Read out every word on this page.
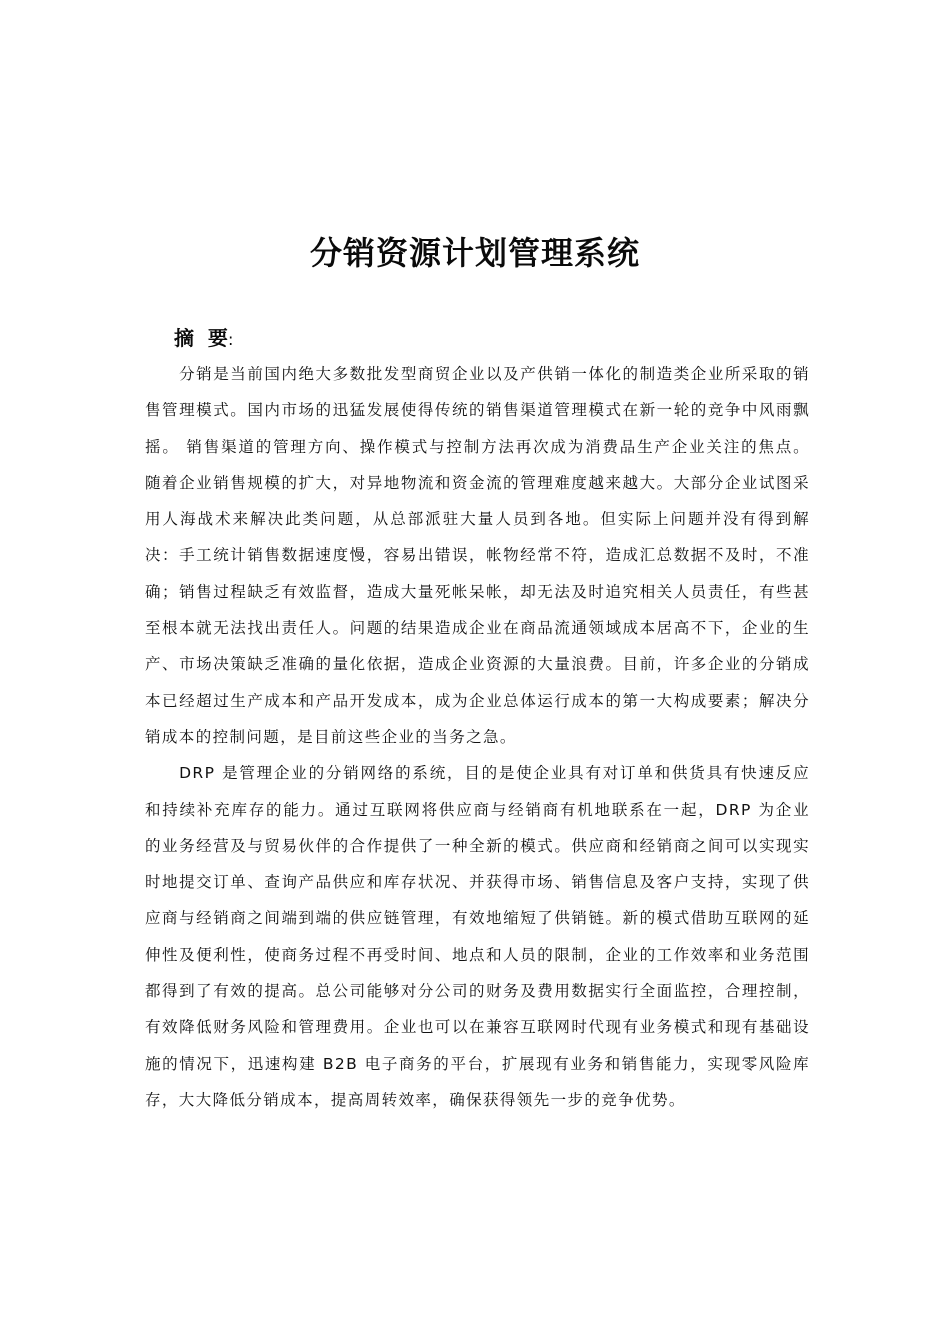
分销资源计划管理系统
摘  要:

分销是当前国内绝大多数批发型商贸企业以及产供销一体化的制造类企业所采取的销售管理模式。国内市场的迅猛发展使得传统的销售渠道管理模式在新一轮的竞争中风雨飘摇。 销售渠道的管理方向、操作模式与控制方法再次成为消费品生产企业关注的焦点。随着企业销售规模的扩大，对异地物流和资金流的管理难度越来越大。大部分企业试图采用人海战术来解决此类问题，从总部派驻大量人员到各地。但实际上问题并没有得到解决：手工统计销售数据速度慢，容易出错误，帐物经常不符，造成汇总数据不及时，不准确；销售过程缺乏有效监督，造成大量死帐呆帐，却无法及时追究相关人员责任，有些甚至根本就无法找出责任人。问题的结果造成企业在商品流通领域成本居高不下，企业的生产、市场决策缺乏准确的量化依据，造成企业资源的大量浪费。目前，许多企业的分销成本已经超过生产成本和产品开发成本，成为企业总体运行成本的第一大构成要素；解决分销成本的控制问题，是目前这些企业的当务之急。

DRP 是管理企业的分销网络的系统，目的是使企业具有对订单和供货具有快速反应和持续补充库存的能力。通过互联网将供应商与经销商有机地联系在一起，DRP 为企业的业务经营及与贸易伙伴的合作提供了一种全新的模式。供应商和经销商之间可以实现实时地提交订单、查询产品供应和库存状况、并获得市场、销售信息及客户支持，实现了供应商与经销商之间端到端的供应链管理，有效地缩短了供销链。新的模式借助互联网的延伸性及便利性，使商务过程不再受时间、地点和人员的限制，企业的工作效率和业务范围都得到了有效的提高。总公司能够对分公司的财务及费用数据实行全面监控，合理控制，有效降低财务风险和管理费用。企业也可以在兼容互联网时代现有业务模式和现有基础设施的情况下，迅速构建 B2B 电子商务的平台，扩展现有业务和销售能力，实现零风险库存，大大降低分销成本，提高周转效率，确保获得领先一步的竞争优势。
